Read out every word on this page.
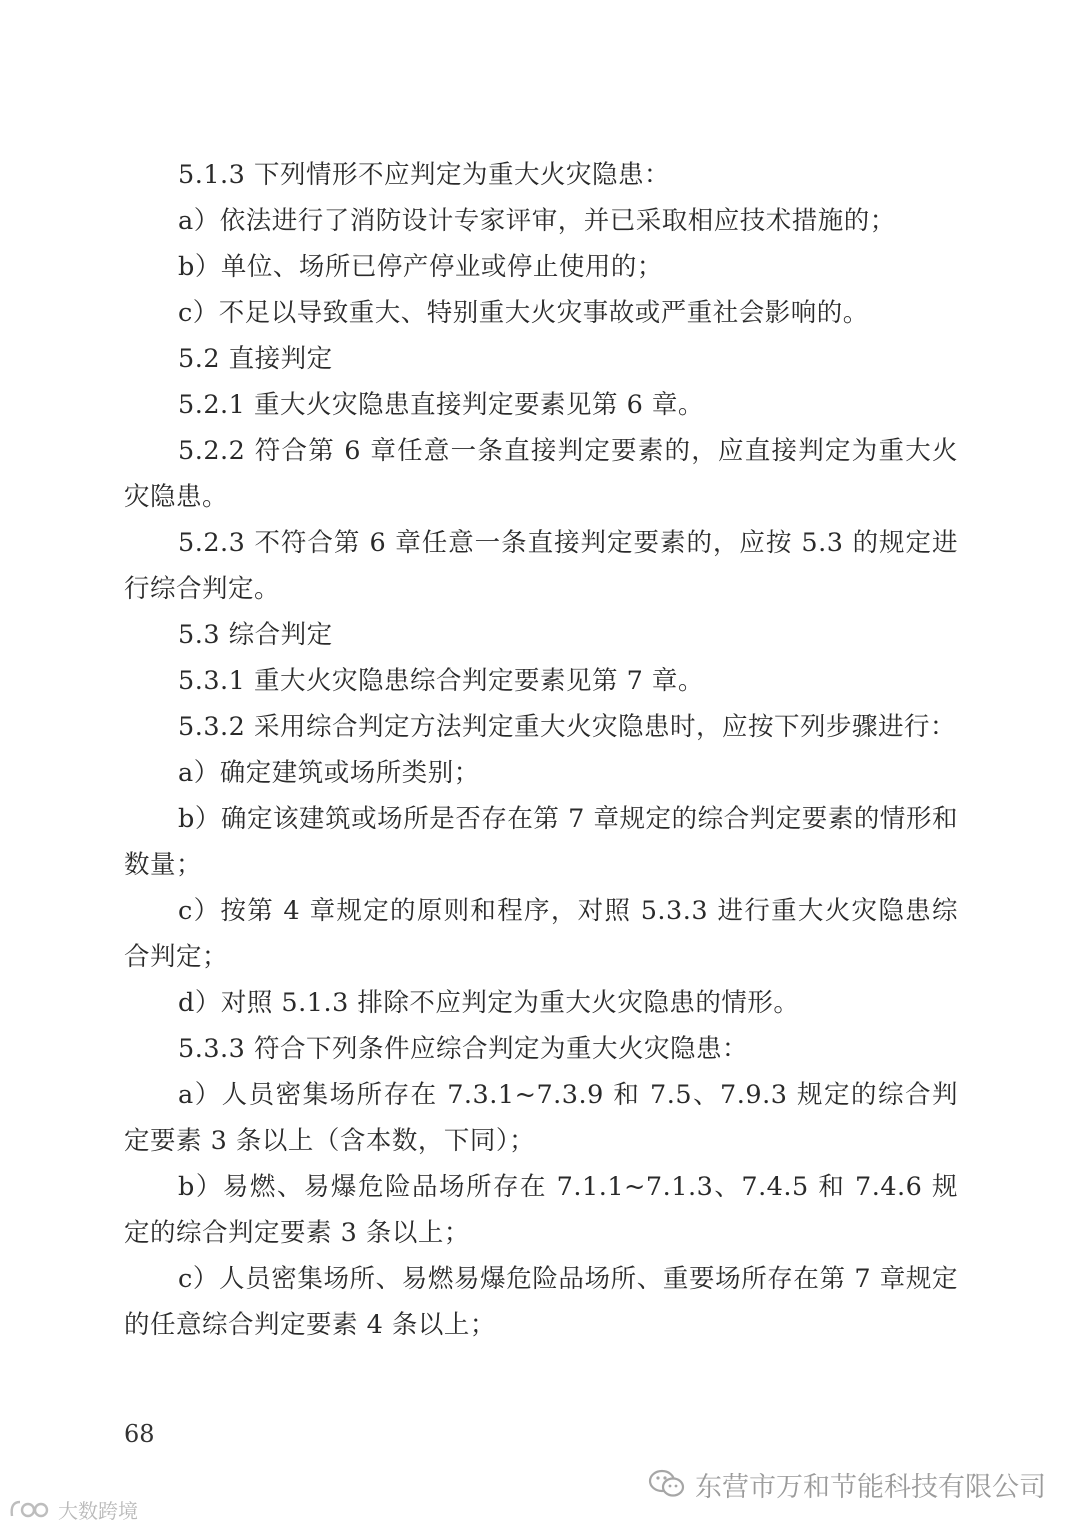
5.1.3 下列情形不应判定为重大火灾隐患：

a）依法进行了消防设计专家评审，并已采取相应技术措施的；

b）单位、场所已停产停业或停止使用的；

c）不足以导致重大、特别重大火灾事故或严重社会影响的。

5.2 直接判定

5.2.1 重大火灾隐患直接判定要素见第 6 章。

5.2.2 符合第 6 章任意一条直接判定要素的，应直接判定为重大火灾隐患。

5.2.3 不符合第 6 章任意一条直接判定要素的，应按 5.3 的规定进行综合判定。

5.3 综合判定

5.3.1 重大火灾隐患综合判定要素见第 7 章。

5.3.2 采用综合判定方法判定重大火灾隐患时，应按下列步骤进行：

a）确定建筑或场所类别；

b）确定该建筑或场所是否存在第 7 章规定的综合判定要素的情形和数量；

c）按第 4 章规定的原则和程序，对照 5.3.3 进行重大火灾隐患综合判定；

d）对照 5.1.3 排除不应判定为重大火灾隐患的情形。

5.3.3 符合下列条件应综合判定为重大火灾隐患：

a）人员密集场所存在 7.3.1~7.3.9 和 7.5、7.9.3 规定的综合判定要素 3 条以上（含本数，下同）；

b）易燃、易爆危险品场所存在 7.1.1~7.1.3、7.4.5 和 7.4.6 规定的综合判定要素 3 条以上；

c）人员密集场所、易燃易爆危险品场所、重要场所存在第 7 章规定的任意综合判定要素 4 条以上；

68
东营市万和节能科技有限公司
大数跨境
